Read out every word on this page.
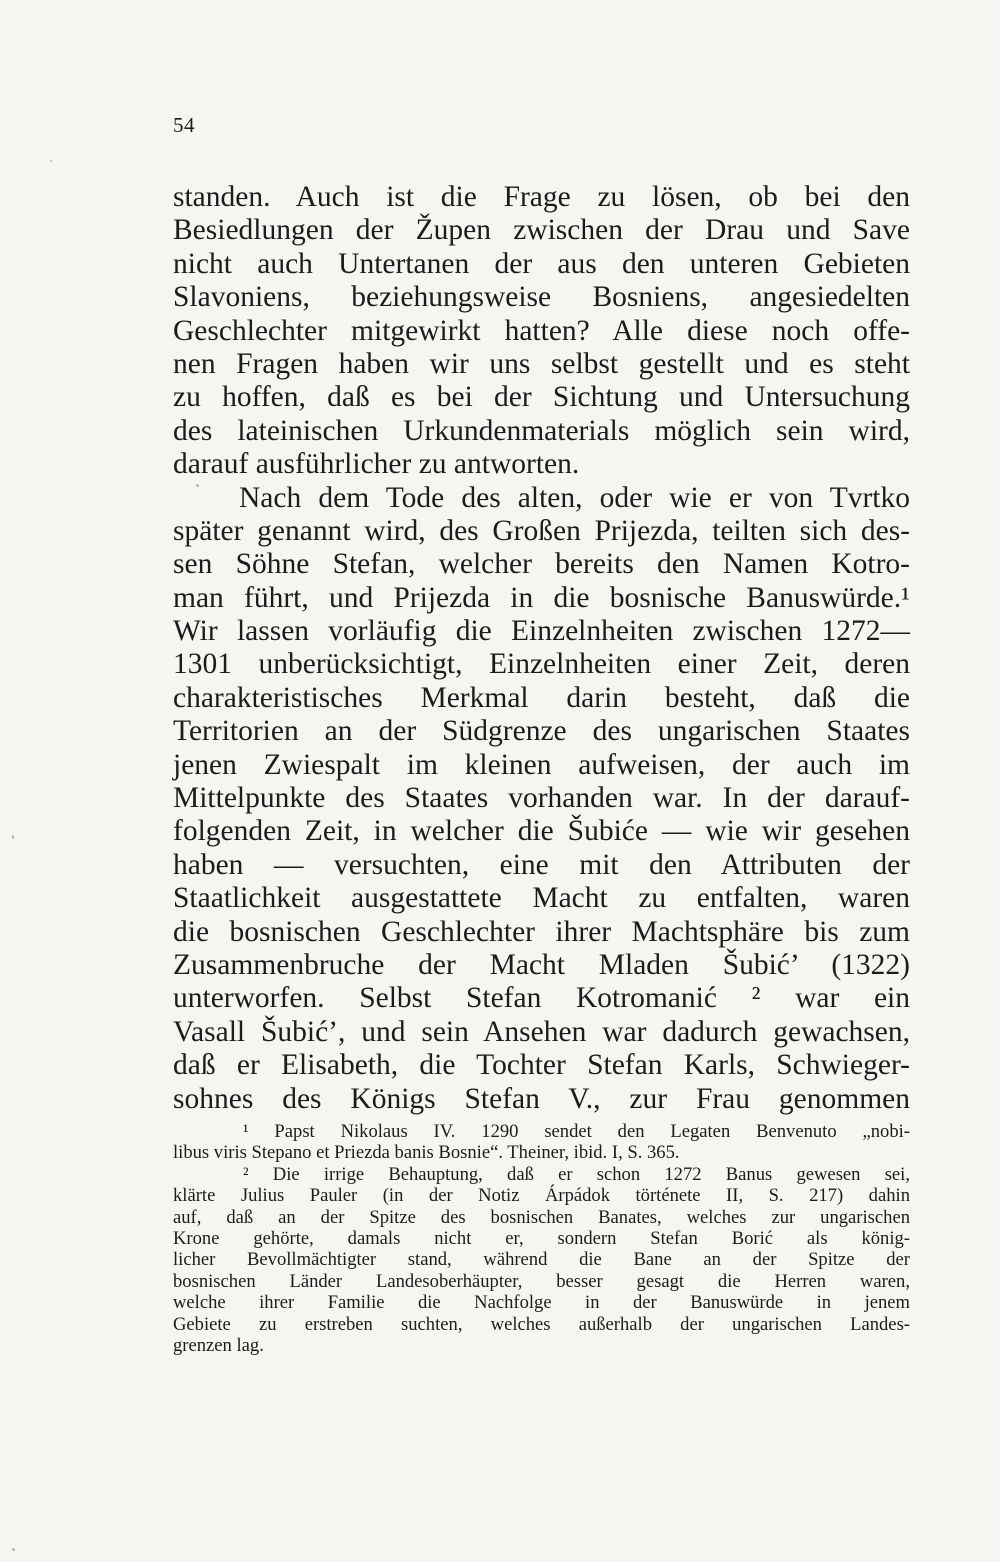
54
standen. Auch ist die Frage zu lösen, ob bei den
Besiedlungen der Župen zwischen der Drau und Save
nicht auch Untertanen der aus den unteren Gebieten
Slavoniens, beziehungsweise Bosniens, angesiedelten
Geschlechter mitgewirkt hatten? Alle diese noch offe-
nen Fragen haben wir uns selbst gestellt und es steht
zu hoffen, daß es bei der Sichtung und Untersuchung
des lateinischen Urkundenmaterials möglich sein wird,
darauf ausführlicher zu antworten.
Nach dem Tode des alten, oder wie er von Tvrtko
später genannt wird, des Großen Prijezda, teilten sich des-
sen Söhne Stefan, welcher bereits den Namen Kotro-
man führt, und Prijezda in die bosnische Banuswürde.¹
Wir lassen vorläufig die Einzelnheiten zwischen 1272—
1301 unberücksichtigt, Einzelnheiten einer Zeit, deren
charakteristisches Merkmal darin besteht, daß die
Territorien an der Südgrenze des ungarischen Staates
jenen Zwiespalt im kleinen aufweisen, der auch im
Mittelpunkte des Staates vorhanden war. In der darauf-
folgenden Zeit, in welcher die Šubiće — wie wir gesehen
haben — versuchten, eine mit den Attributen der
Staatlichkeit ausgestattete Macht zu entfalten, waren
die bosnischen Geschlechter ihrer Machtsphäre bis zum
Zusammenbruche der Macht Mladen Šubić’ (1322)
unterworfen. Selbst Stefan Kotromanić ² war ein
Vasall Šubić’, und sein Ansehen war dadurch gewachsen,
daß er Elisabeth, die Tochter Stefan Karls, Schwieger-
sohnes des Königs Stefan V., zur Frau genommen
¹ Papst Nikolaus IV. 1290 sendet den Legaten Benvenuto „nobi-
libus viris Stepano et Priezda banis Bosnie“. Theiner, ibid. I, S. 365.
² Die irrige Behauptung, daß er schon 1272 Banus gewesen sei,
klärte Julius Pauler (in der Notiz Árpádok története II, S. 217) dahin
auf, daß an der Spitze des bosnischen Banates, welches zur ungarischen
Krone gehörte, damals nicht er, sondern Stefan Borić als könig-
licher Bevollmächtigter stand, während die Bane an der Spitze der
bosnischen Länder Landesoberhäupter, besser gesagt die Herren waren,
welche ihrer Familie die Nachfolge in der Banuswürde in jenem
Gebiete zu erstreben suchten, welches außerhalb der ungarischen Landes-
grenzen lag.
